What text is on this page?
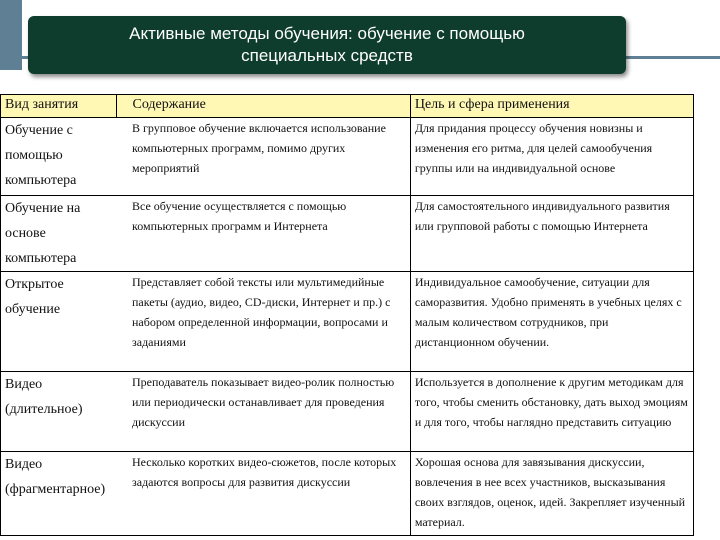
Активные методы обучения: обучение с помощью
специальных средств
Вид занятия	Содержание	Цель и сфера применения
Обучение с помощью компьютера	В групповое обучение включается использование компьютерных программ, помимо других мероприятий	Для придания процессу обучения новизны и изменения его ритма, для целей самообучения группы или на индивидуальной основе
Обучение на основе компьютера	Все обучение осуществляется с помощью компьютерных программ и Интернета	Для самостоятельного индивидуального развития или групповой работы с помощью Интернета
Открытое обучение	Представляет собой тексты или мультимедийные пакеты (аудио, видео, CD-диски, Интернет и пр.) с набором определенной информации, вопросами и заданиями	Индивидуальное самообучение, ситуации для саморазвития. Удобно применять в учебных целях с малым количеством сотрудников, при дистанционном обучении.
Видео (длительное)	Преподаватель показывает видео-ролик полностью или периодически останавливает для проведения дискуссии	Используется в дополнение к другим методикам для того, чтобы сменить обстановку, дать выход эмоциям и для того, чтобы наглядно представить ситуацию
Видео (фрагментарное)	Несколько коротких видео-сюжетов, после которых задаются вопросы для развития дискуссии	Хорошая основа для завязывания дискуссии, вовлечения в нее всех участников, высказывания своих взглядов, оценок, идей. Закрепляет изученный материал.
